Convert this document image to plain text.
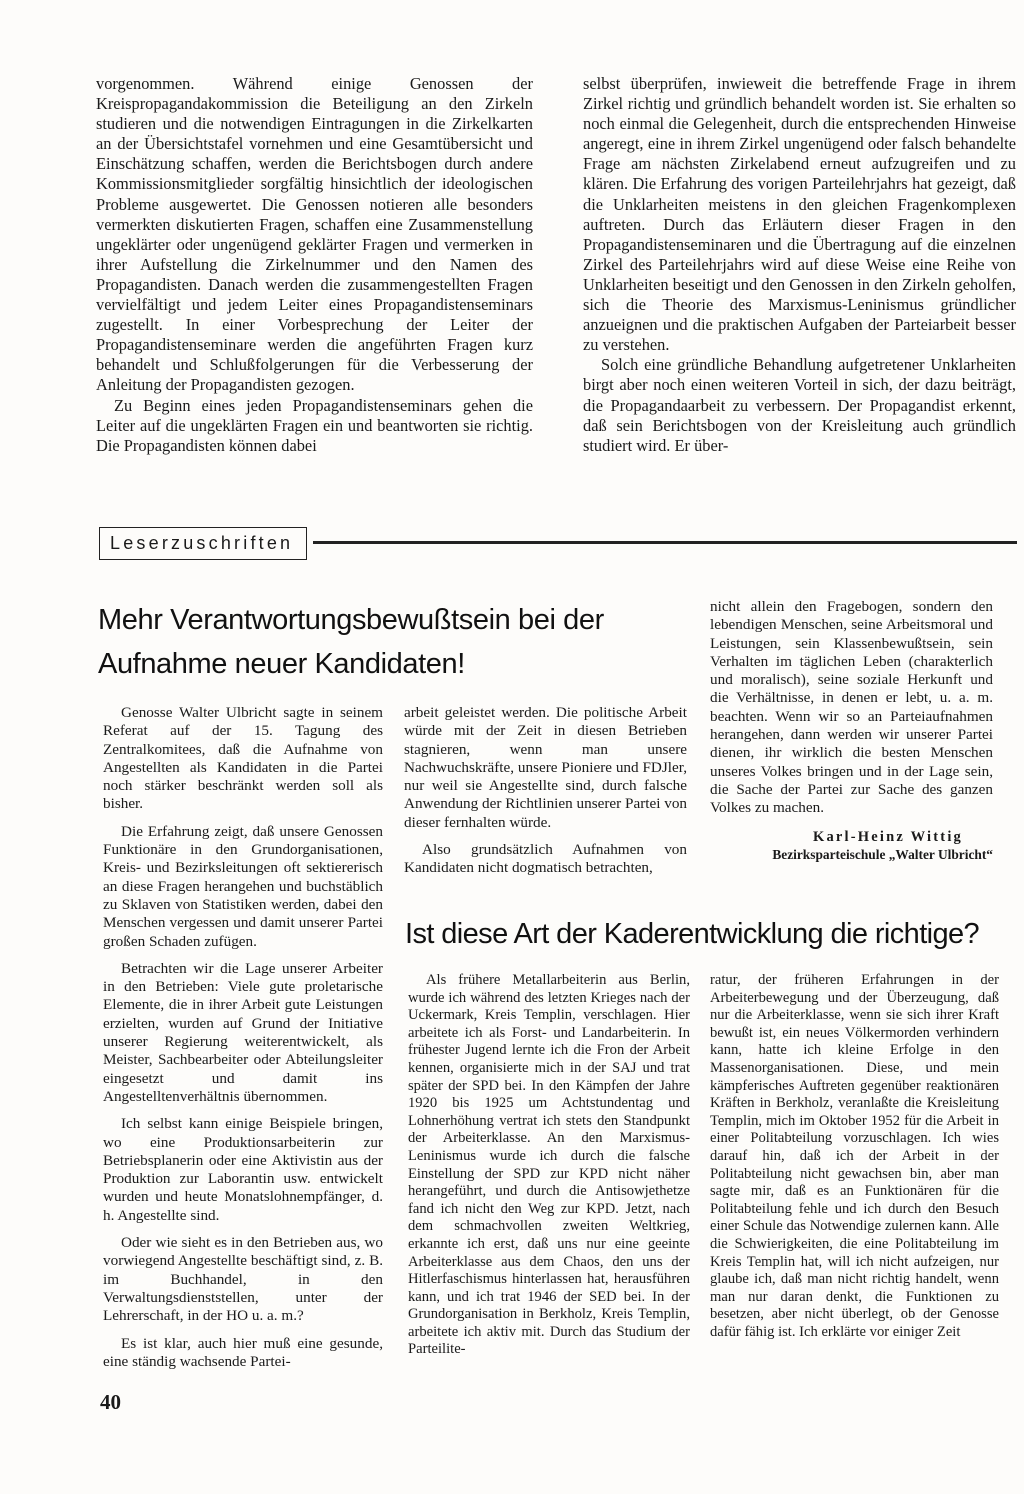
vorgenommen. Während einige Genossen der Kreispropagandakommission die Beteiligung an den Zirkeln studieren und die notwendigen Eintragungen in die Zirkelkarten an der Übersichtstafel vornehmen und eine Gesamtübersicht und Einschätzung schaffen, werden die Berichtsbogen durch andere Kommissionsmitglieder sorgfältig hinsichtlich der ideologischen Probleme ausgewertet. Die Genossen notieren alle besonders vermerkten diskutierten Fragen, schaffen eine Zusammenstellung ungeklärter oder ungenügend geklärter Fragen und vermerken in ihrer Aufstellung die Zirkelnummer und den Namen des Propagandisten. Danach werden die zusammengestellten Fragen vervielfältigt und jedem Leiter eines Propagandistenseminars zugestellt. In einer Vorbesprechung der Leiter der Propagandistenseminare werden die angeführten Fragen kurz behandelt und Schlußfolgerungen für die Verbesserung der Anleitung der Propagandisten gezogen.

Zu Beginn eines jeden Propagandistenseminars gehen die Leiter auf die ungeklärten Fragen ein und beantworten sie richtig. Die Propagandisten können dabei

selbst überprüfen, inwieweit die betreffende Frage in ihrem Zirkel richtig und gründlich behandelt worden ist. Sie erhalten so noch einmal die Gelegenheit, durch die entsprechenden Hinweise angeregt, eine in ihrem Zirkel ungenügend oder falsch behandelte Frage am nächsten Zirkelabend erneut aufzugreifen und zu klären. Die Erfahrung des vorigen Parteilehrjahrs hat gezeigt, daß die Unklarheiten meistens in den gleichen Fragenkomplexen auftreten. Durch das Erläutern dieser Fragen in den Propagandistenseminaren und die Übertragung auf die einzelnen Zirkel des Parteilehrjahrs wird auf diese Weise eine Reihe von Unklarheiten beseitigt und den Genossen in den Zirkeln geholfen, sich die Theorie des Marxismus-Leninismus gründlicher anzueignen und die praktischen Aufgaben der Parteiarbeit besser zu verstehen.

Solch eine gründliche Behandlung aufgetretener Unklarheiten birgt aber noch einen weiteren Vorteil in sich, der dazu beiträgt, die Propagandaarbeit zu verbessern. Der Propagandist erkennt, daß sein Berichtsbogen von der Kreisleitung auch gründlich studiert wird. Er über-

Leserzuschriften
Mehr Verantwortungsbewußtsein bei der Aufnahme neuer Kandidaten!

Genosse Walter Ulbricht sagte in seinem Referat auf der 15. Tagung des Zentralkomitees, daß die Aufnahme von Angestellten als Kandidaten in die Partei noch stärker beschränkt werden soll als bisher.

Die Erfahrung zeigt, daß unsere Genossen Funktionäre in den Grundorganisationen, Kreis- und Bezirksleitungen oft sektiererisch an diese Fragen herangehen und buchstäblich zu Sklaven von Statistiken werden, dabei den Menschen vergessen und damit unserer Partei großen Schaden zufügen.

Betrachten wir die Lage unserer Arbeiter in den Betrieben: Viele gute proletarische Elemente, die in ihrer Arbeit gute Leistungen erzielten, wurden auf Grund der Initiative unserer Regierung weiterentwickelt, als Meister, Sachbearbeiter oder Abteilungsleiter eingesetzt und damit ins Angestelltenverhältnis übernommen.

Ich selbst kann einige Beispiele bringen, wo eine Produktionsarbeiterin zur Betriebsplanerin oder eine Aktivistin aus der Produktion zur Laborantin usw. entwickelt wurden und heute Monatslohnempfänger, d. h. Angestellte sind.

Oder wie sieht es in den Betrieben aus, wo vorwiegend Angestellte beschäftigt sind, z. B. im Buchhandel, in den Verwaltungsdienststellen, unter der Lehrerschaft, in der HO u. a. m.?

Es ist klar, auch hier muß eine gesunde, eine ständig wachsende Partei-

arbeit geleistet werden. Die politische Arbeit würde mit der Zeit in diesen Betrieben stagnieren, wenn man unsere Nachwuchskräfte, unsere Pioniere und FDJler, nur weil sie Angestellte sind, durch falsche Anwendung der Richtlinien unserer Partei von dieser fernhalten würde.

Also grundsätzlich Aufnahmen von Kandidaten nicht dogmatisch betrachten,

nicht allein den Fragebogen, sondern den lebendigen Menschen, seine Arbeitsmoral und Leistungen, sein Klassenbewußtsein, sein Verhalten im täglichen Leben (charakterlich und moralisch), seine soziale Herkunft und die Verhältnisse, in denen er lebt, u. a. m. beachten. Wenn wir so an Parteiaufnahmen herangehen, dann werden wir unserer Partei dienen, ihr wirklich die besten Menschen unseres Volkes bringen und in der Lage sein, die Sache der Partei zur Sache des ganzen Volkes zu machen.

Karl-Heinz Wittig
Bezirksparteischule „Walter Ulbricht“
Ist diese Art der Kaderentwicklung die richtige?

Als frühere Metallarbeiterin aus Berlin, wurde ich während des letzten Krieges nach der Uckermark, Kreis Templin, verschlagen. Hier arbeitete ich als Forst- und Landarbeiterin. In frühester Jugend lernte ich die Fron der Arbeit kennen, organisierte mich in der SAJ und trat später der SPD bei. In den Kämpfen der Jahre 1920 bis 1925 um Achtstundentag und Lohnerhöhung vertrat ich stets den Standpunkt der Arbeiterklasse. An den Marxismus-Leninismus wurde ich durch die falsche Einstellung der SPD zur KPD nicht näher herangeführt, und durch die Antisowjethetze fand ich nicht den Weg zur KPD. Jetzt, nach dem schmachvollen zweiten Weltkrieg, erkannte ich erst, daß uns nur eine geeinte Arbeiterklasse aus dem Chaos, den uns der Hitlerfaschismus hinterlassen hat, herausführen kann, und ich trat 1946 der SED bei. In der Grundorganisation in Berkholz, Kreis Templin, arbeitete ich aktiv mit. Durch das Studium der Parteilite-

ratur, der früheren Erfahrungen in der Arbeiterbewegung und der Überzeugung, daß nur die Arbeiterklasse, wenn sie sich ihrer Kraft bewußt ist, ein neues Völkermorden verhindern kann, hatte ich kleine Erfolge in den Massenorganisationen. Diese, und mein kämpferisches Auftreten gegenüber reaktionären Kräften in Berkholz, veranlaßte die Kreisleitung Templin, mich im Oktober 1952 für die Arbeit in einer Politabteilung vorzuschlagen. Ich wies darauf hin, daß ich der Arbeit in der Politabteilung nicht gewachsen bin, aber man sagte mir, daß es an Funktionären für die Politabteilung fehle und ich durch den Besuch einer Schule das Notwendige zulernen kann. Alle die Schwierigkeiten, die eine Politabteilung im Kreis Templin hat, will ich nicht aufzeigen, nur glaube ich, daß man nicht richtig handelt, wenn man nur daran denkt, die Funktionen zu besetzen, aber nicht überlegt, ob der Genosse dafür fähig ist. Ich erklärte vor einiger Zeit

40
